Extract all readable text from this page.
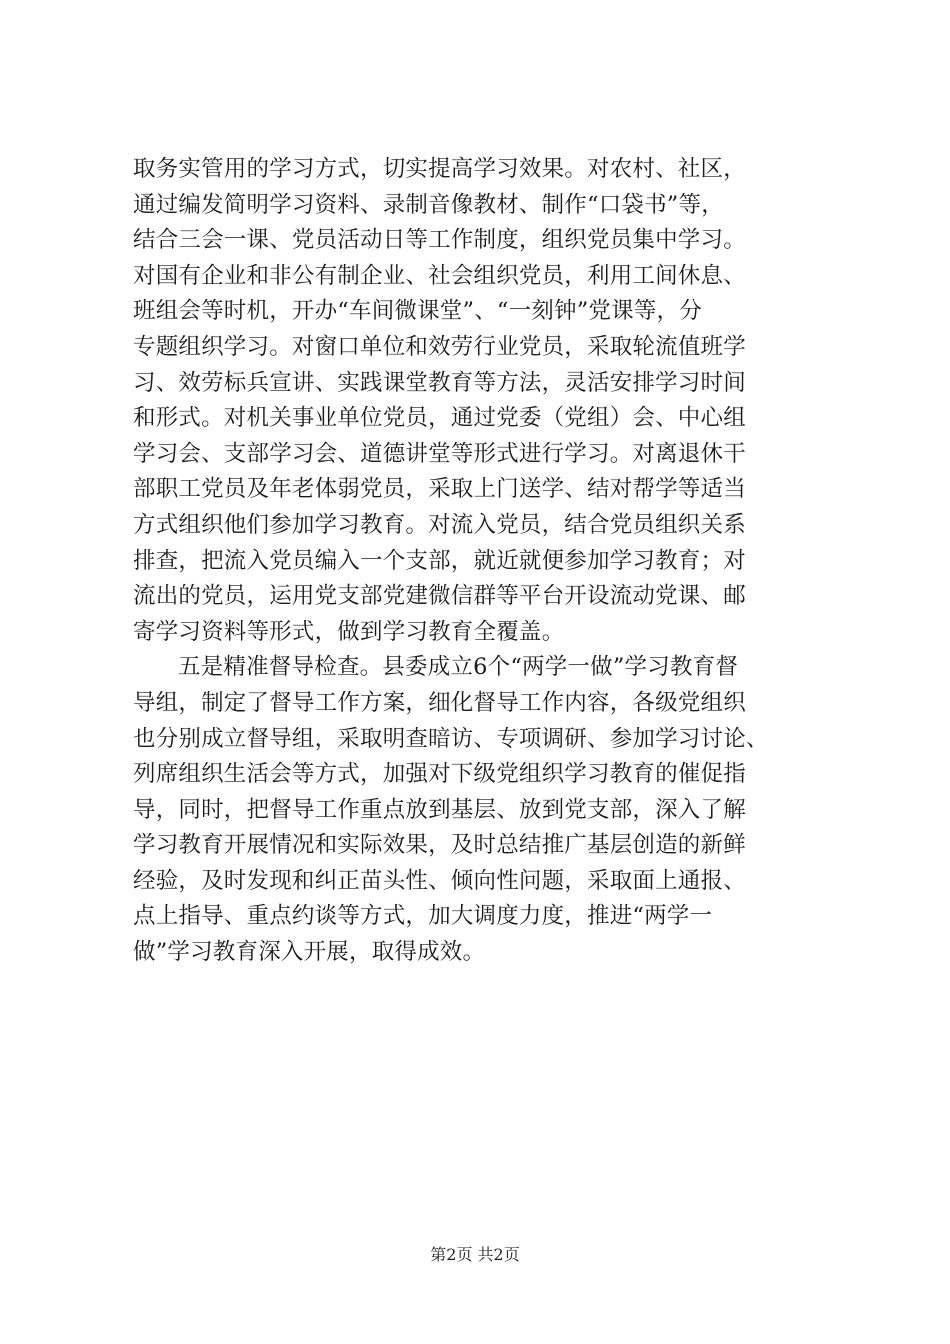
取务实管用的学习方式，切实提高学习效果。对农村、社区，
通过编发简明学习资料、录制音像教材、制作“口袋书”等，
结合三会一课、党员活动日等工作制度，组织党员集中学习。
对国有企业和非公有制企业、社会组织党员，利用工间休息、
班组会等时机，开办“车间微课堂”、“一刻钟”党课等，分
专题组织学习。对窗口单位和效劳行业党员，采取轮流值班学
习、效劳标兵宣讲、实践课堂教育等方法，灵活安排学习时间
和形式。对机关事业单位党员，通过党委（党组）会、中心组
学习会、支部学习会、道德讲堂等形式进行学习。对离退休干
部职工党员及年老体弱党员，采取上门送学、结对帮学等适当
方式组织他们参加学习教育。对流入党员，结合党员组织关系
排查，把流入党员编入一个支部，就近就便参加学习教育；对
流出的党员，运用党支部党建微信群等平台开设流动党课、邮
寄学习资料等形式，做到学习教育全覆盖。
五是精准督导检查。县委成立6个“两学一做”学习教育督
导组，制定了督导工作方案，细化督导工作内容，各级党组织
也分别成立督导组，采取明查暗访、专项调研、参加学习讨论、
列席组织生活会等方式，加强对下级党组织学习教育的催促指
导，同时，把督导工作重点放到基层、放到党支部，深入了解
学习教育开展情况和实际效果，及时总结推广基层创造的新鲜
经验，及时发现和纠正苗头性、倾向性问题，采取面上通报、
点上指导、重点约谈等方式，加大调度力度，推进“两学一
做”学习教育深入开展，取得成效。
第2页 共2页
